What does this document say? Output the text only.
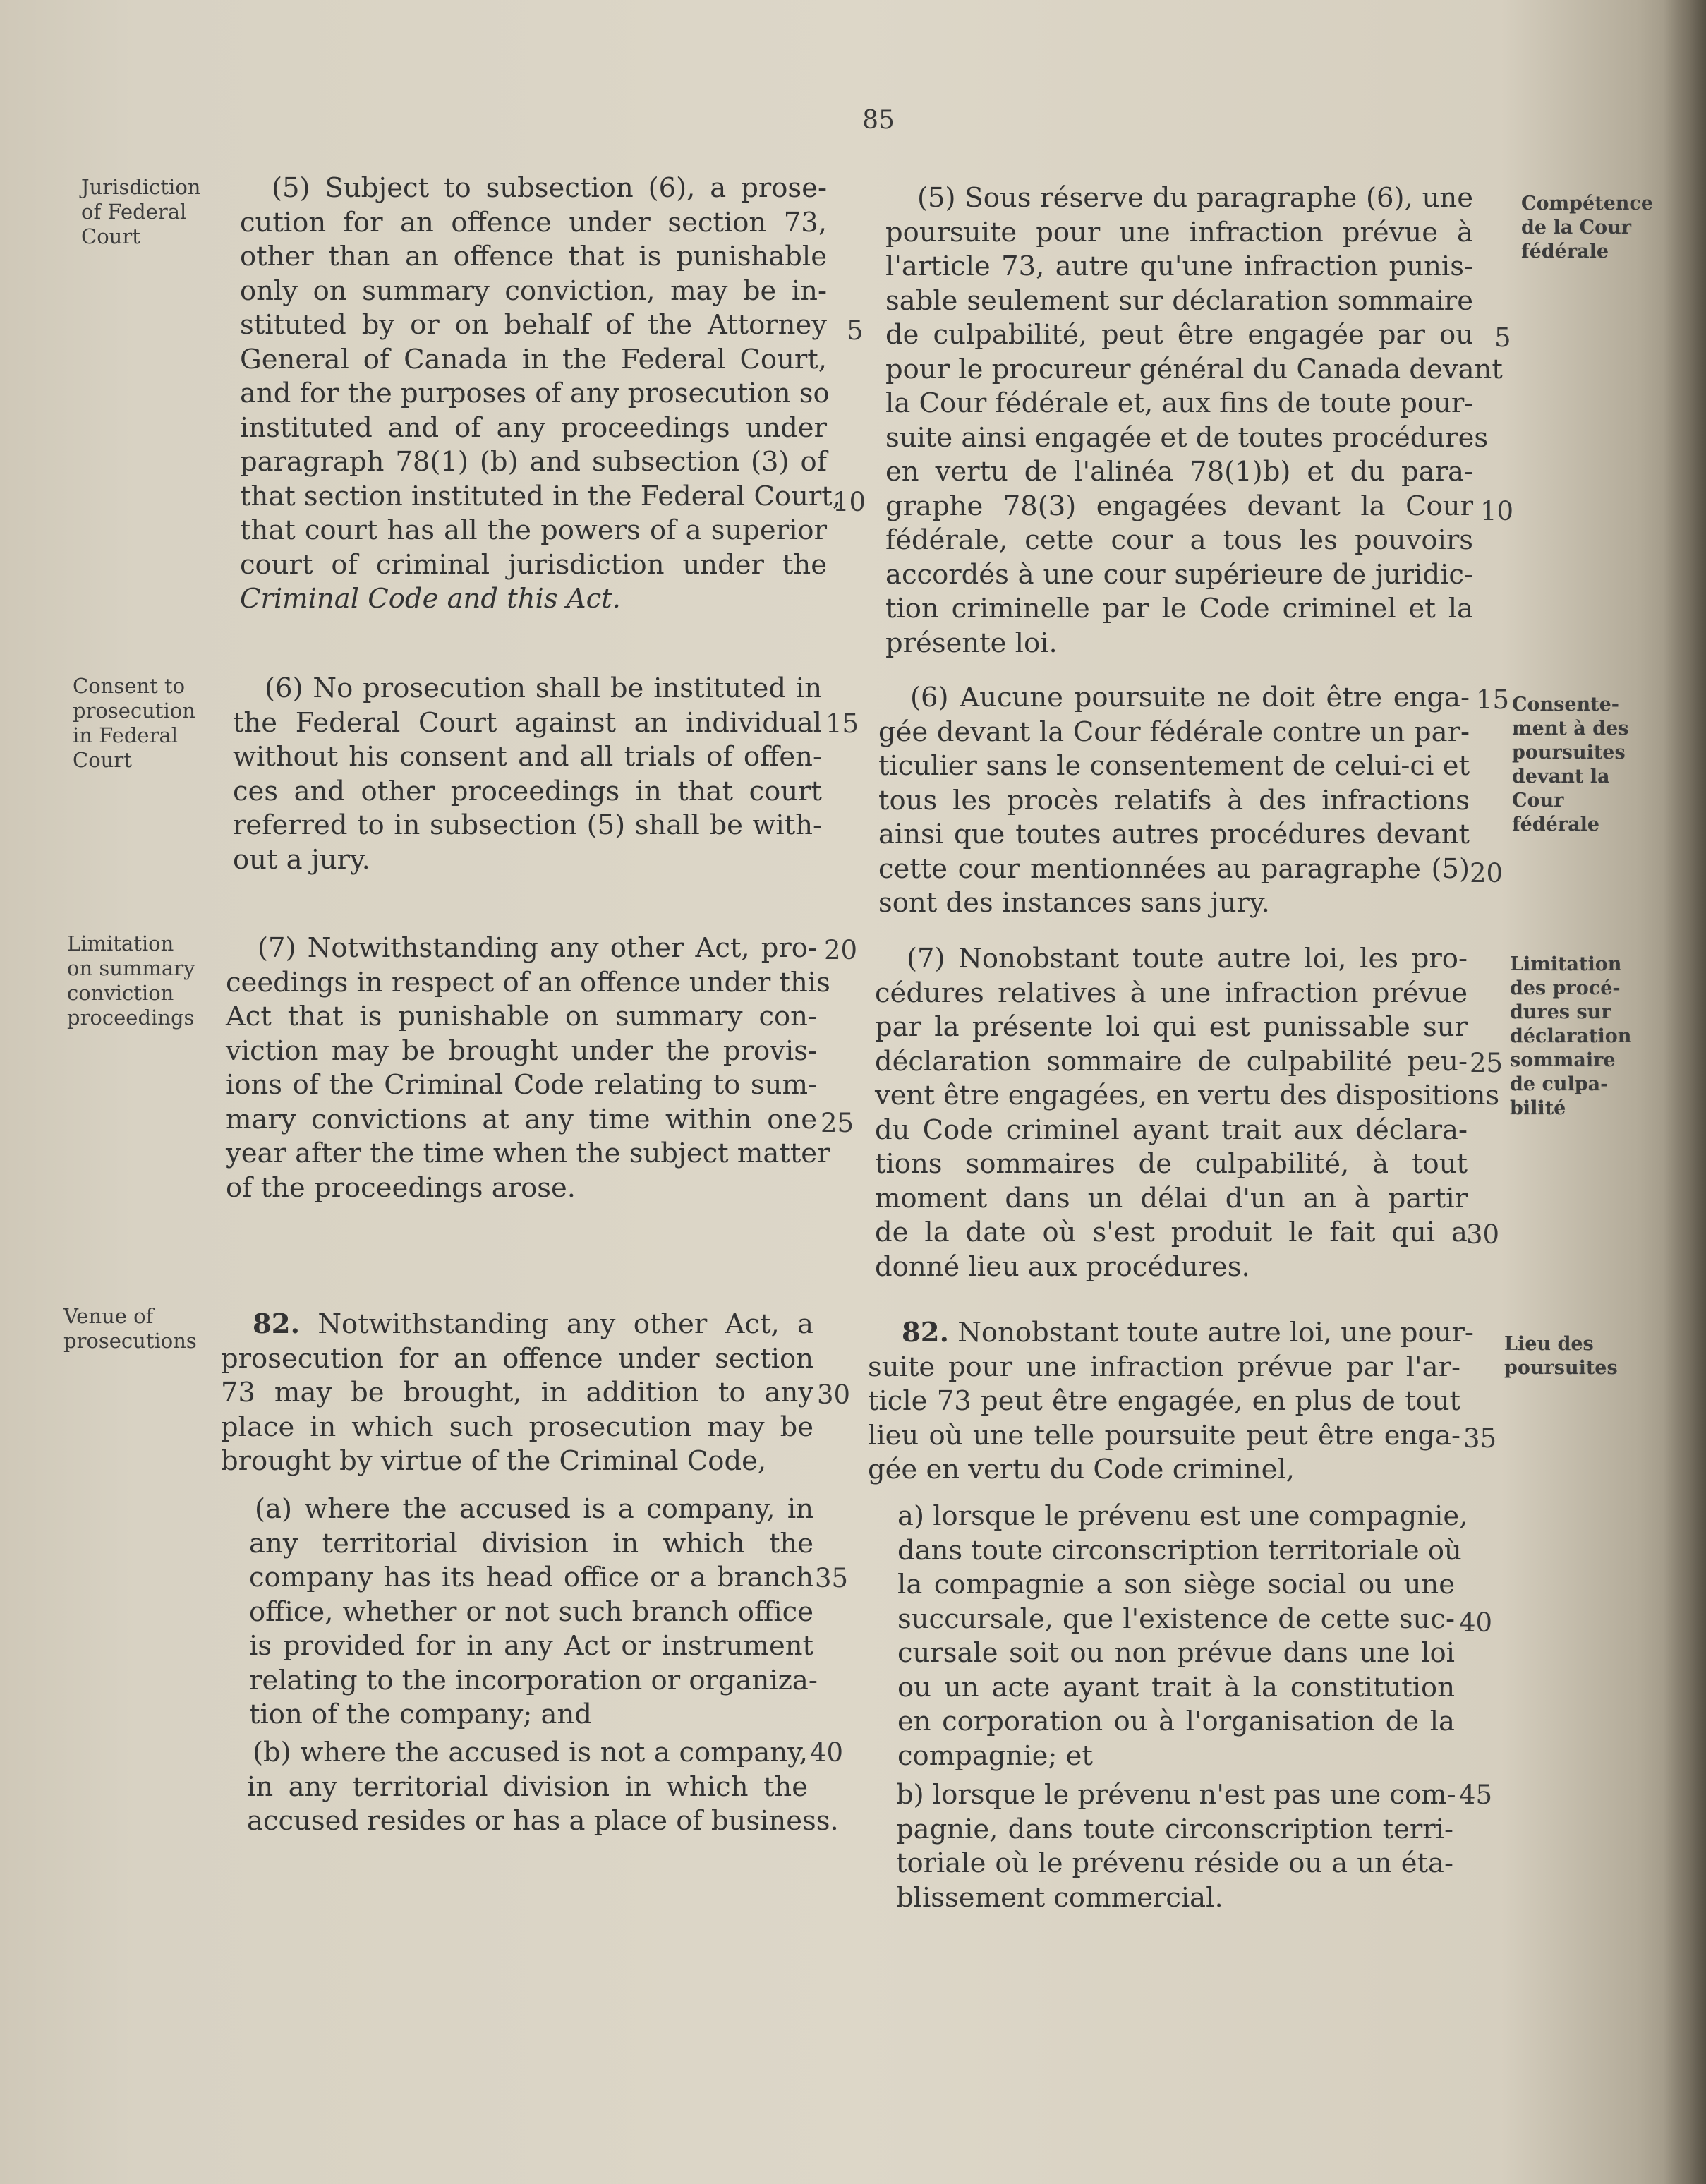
85
Jurisdiction
of Federal
Court
Consent to
prosecution
in Federal
Court
Limitation
on summary
conviction
proceedings
Venue of
prosecutions
Compétence
de la Cour
fédérale
Consente-
ment à des
poursuites
devant la
Cour
fédérale
Limitation
des procé-
dures sur
déclaration
sommaire
de culpa-
bilité
Lieu des
poursuites
(5) Subject to subsection (6), a prose-
cution for an offence under section 73,
other than an offence that is punishable
only on summary conviction, may be in-
stituted by or on behalf of the Attorney
General of Canada in the Federal Court,
and for the purposes of any prosecution so
instituted and of any proceedings under
paragraph 78(1) (b) and subsection (3) of
that section instituted in the Federal Court,
that court has all the powers of a superior
court of criminal jurisdiction under the
Criminal Code and this Act.
(6) No prosecution shall be instituted in
the Federal Court against an individual
without his consent and all trials of offen-
ces and other proceedings in that court
referred to in subsection (5) shall be with-
out a jury.
(7) Notwithstanding any other Act, pro-
ceedings in respect of an offence under this
Act that is punishable on summary con-
viction may be brought under the provis-
ions of the Criminal Code relating to sum-
mary convictions at any time within one
year after the time when the subject matter
of the proceedings arose.
82. Notwithstanding any other Act, a
prosecution for an offence under section
73 may be brought, in addition to any
place in which such prosecution may be
brought by virtue of the Criminal Code,
(a) where the accused is a company, in
any territorial division in which the
company has its head office or a branch
office, whether or not such branch office
is provided for in any Act or instrument
relating to the incorporation or organiza-
tion of the company; and
(b) where the accused is not a company,
in any territorial division in which the
accused resides or has a place of business.
(5) Sous réserve du paragraphe (6), une
poursuite pour une infraction prévue à
l'article 73, autre qu'une infraction punis-
sable seulement sur déclaration sommaire
de culpabilité, peut être engagée par ou
pour le procureur général du Canada devant
la Cour fédérale et, aux fins de toute pour-
suite ainsi engagée et de toutes procédures
en vertu de l'alinéa 78(1)b) et du para-
graphe 78(3) engagées devant la Cour
fédérale, cette cour a tous les pouvoirs
accordés à une cour supérieure de juridic-
tion criminelle par le Code criminel et la
présente loi.
(6) Aucune poursuite ne doit être enga-
gée devant la Cour fédérale contre un par-
ticulier sans le consentement de celui-ci et
tous les procès relatifs à des infractions
ainsi que toutes autres procédures devant
cette cour mentionnées au paragraphe (5)
sont des instances sans jury.
(7) Nonobstant toute autre loi, les pro-
cédures relatives à une infraction prévue
par la présente loi qui est punissable sur
déclaration sommaire de culpabilité peu-
vent être engagées, en vertu des dispositions
du Code criminel ayant trait aux déclara-
tions sommaires de culpabilité, à tout
moment dans un délai d'un an à partir
de la date où s'est produit le fait qui a
donné lieu aux procédures.
82. Nonobstant toute autre loi, une pour-
suite pour une infraction prévue par l'ar-
ticle 73 peut être engagée, en plus de tout
lieu où une telle poursuite peut être enga-
gée en vertu du Code criminel,
a) lorsque le prévenu est une compagnie,
dans toute circonscription territoriale où
la compagnie a son siège social ou une
succursale, que l'existence de cette suc-
cursale soit ou non prévue dans une loi
ou un acte ayant trait à la constitution
en corporation ou à l'organisation de la
compagnie; et
b) lorsque le prévenu n'est pas une com-
pagnie, dans toute circonscription terri-
toriale où le prévenu réside ou a un éta-
blissement commercial.
5
10
15
20
25
30
35
40
5
10
15
20
25
30
35
40
45
